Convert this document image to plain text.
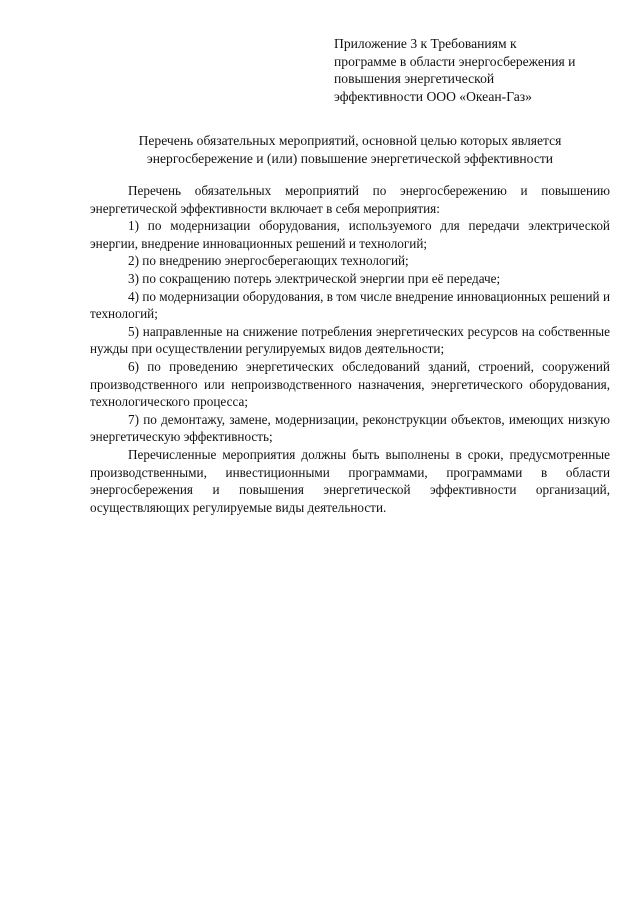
Приложение 3 к Требованиям к
программе в области энергосбережения и
повышения энергетической
эффективности ООО «Океан-Газ»
Перечень обязательных мероприятий, основной целью которых является
энергосбережение и (или) повышение энергетической эффективности

Перечень обязательных мероприятий по энергосбережению и повышению энергетической эффективности включает в себя мероприятия:

1) по модернизации оборудования, используемого для передачи электрической энергии, внедрение инновационных решений и технологий;

2) по внедрению энергосберегающих технологий;

3) по сокращению потерь электрической энергии при её передаче;

4) по модернизации оборудования, в том числе внедрение инновационных решений и технологий;

5) направленные на снижение потребления энергетических ресурсов на собственные нужды при осуществлении регулируемых видов деятельности;

6) по проведению энергетических обследований зданий, строений, сооружений производственного или непроизводственного назначения, энергетического оборудования, технологического процесса;

7) по демонтажу, замене, модернизации, реконструкции объектов, имеющих низкую энергетическую эффективность;

Перечисленные мероприятия должны быть выполнены в сроки, предусмотренные производственными, инвестиционными программами, программами в области энергосбережения и повышения энергетической эффективности организаций, осуществляющих регулируемые виды деятельности.
